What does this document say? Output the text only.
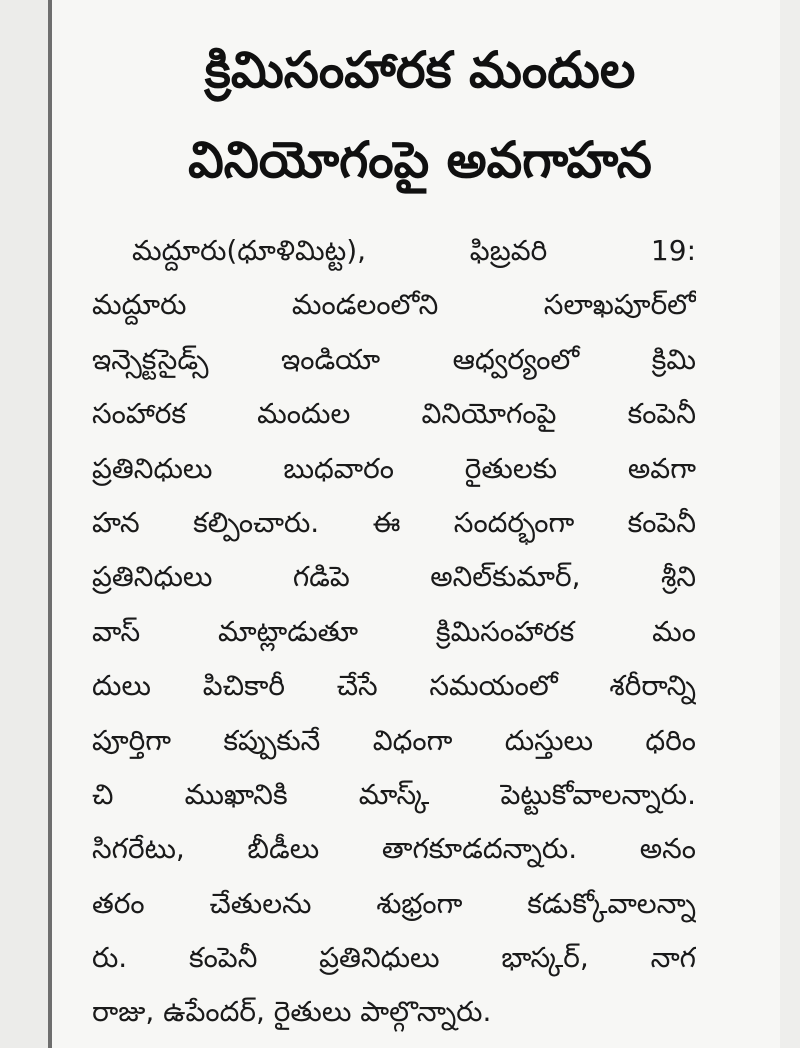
క్రిమిసంహారక మందుల
వినియోగంపై అవగాహన
మద్దూరు(ధూళిమిట్ట), ఫిబ్రవరి 19:
మద్దూరు మండలంలోని సలాఖపూర్‌లో
ఇన్సెక్టసైడ్స్ ఇండియా ఆధ్వర్యంలో క్రిమి
సంహారక మందుల వినియోగంపై కంపెనీ
ప్రతినిధులు బుధవారం రైతులకు అవగా
హన కల్పించారు. ఈ సందర్భంగా కంపెనీ
ప్రతినిధులు గడిపె అనిల్‌కుమార్, శ్రీని
వాస్ మాట్లాడుతూ క్రిమిసంహారక మం
దులు పిచికారీ చేసే సమయంలో శరీరాన్ని
పూర్తిగా కప్పుకునే విధంగా దుస్తులు ధరిం
చి ముఖానికి మాస్క్ పెట్టుకోవాలన్నారు.
సిగరేటు, బీడీలు తాగకూడదన్నారు. అనం
తరం చేతులను శుభ్రంగా కడుక్కోవాలన్నా
రు. కంపెనీ ప్రతినిధులు భాస్కర్, నాగ
రాజు, ఉపేందర్, రైతులు పాల్గొన్నారు.
